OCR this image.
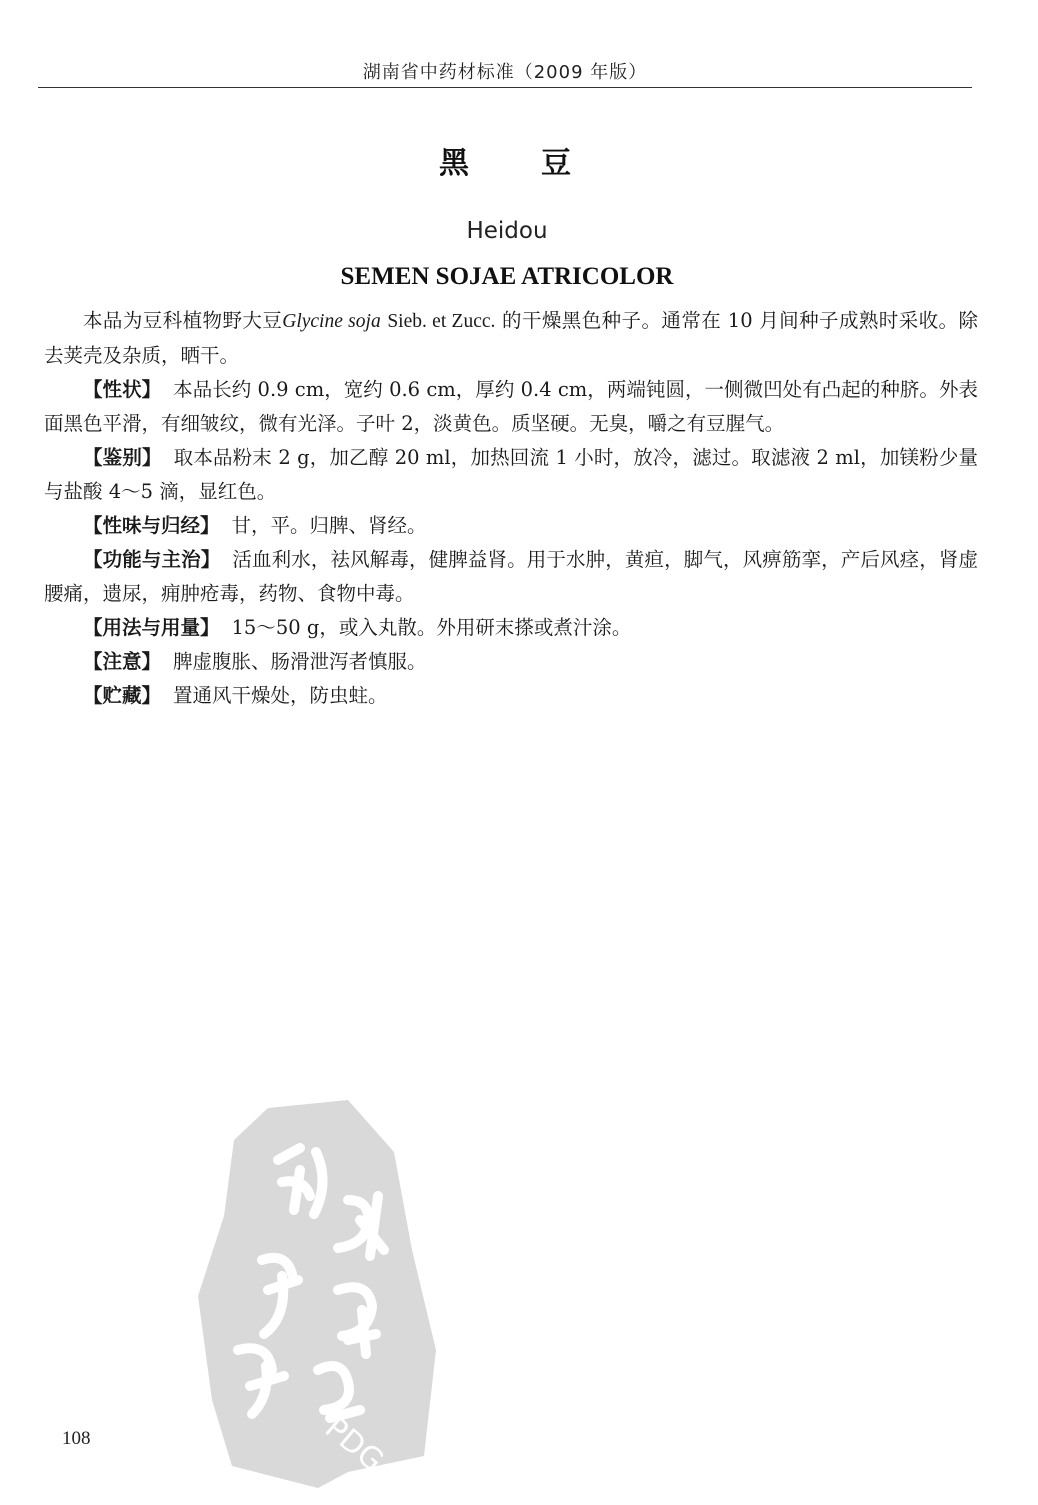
湖南省中药材标准（2009 年版）
黑豆
Heidou
SEMEN SOJAE ATRICOLOR

本品为豆科植物野大豆Glycine soja Sieb. et Zucc. 的干燥黑色种子。通常在 10 月间种子成熟时采收。除去荚壳及杂质，晒干。

【性状】 本品长约 0.9 cm，宽约 0.6 cm，厚约 0.4 cm，两端钝圆，一侧微凹处有凸起的种脐。外表面黑色平滑，有细皱纹，微有光泽。子叶 2，淡黄色。质坚硬。无臭，嚼之有豆腥气。

【鉴别】 取本品粉末 2 g，加乙醇 20 ml，加热回流 1 小时，放冷，滤过。取滤液 2 ml，加镁粉少量与盐酸 4～5 滴，显红色。

【性味与归经】 甘，平。归脾、肾经。

【功能与主治】 活血利水，祛风解毒，健脾益肾。用于水肿，黄疸，脚气，风痹筋挛，产后风痉，肾虚腰痛，遗尿，痈肿疮毒，药物、食物中毒。

【用法与用量】 15～50 g，或入丸散。外用研末搽或煮汁涂。

【注意】 脾虚腹胀、肠滑泄泻者慎服。

【贮藏】 置通风干燥处，防虫蛀。

PDG
108
